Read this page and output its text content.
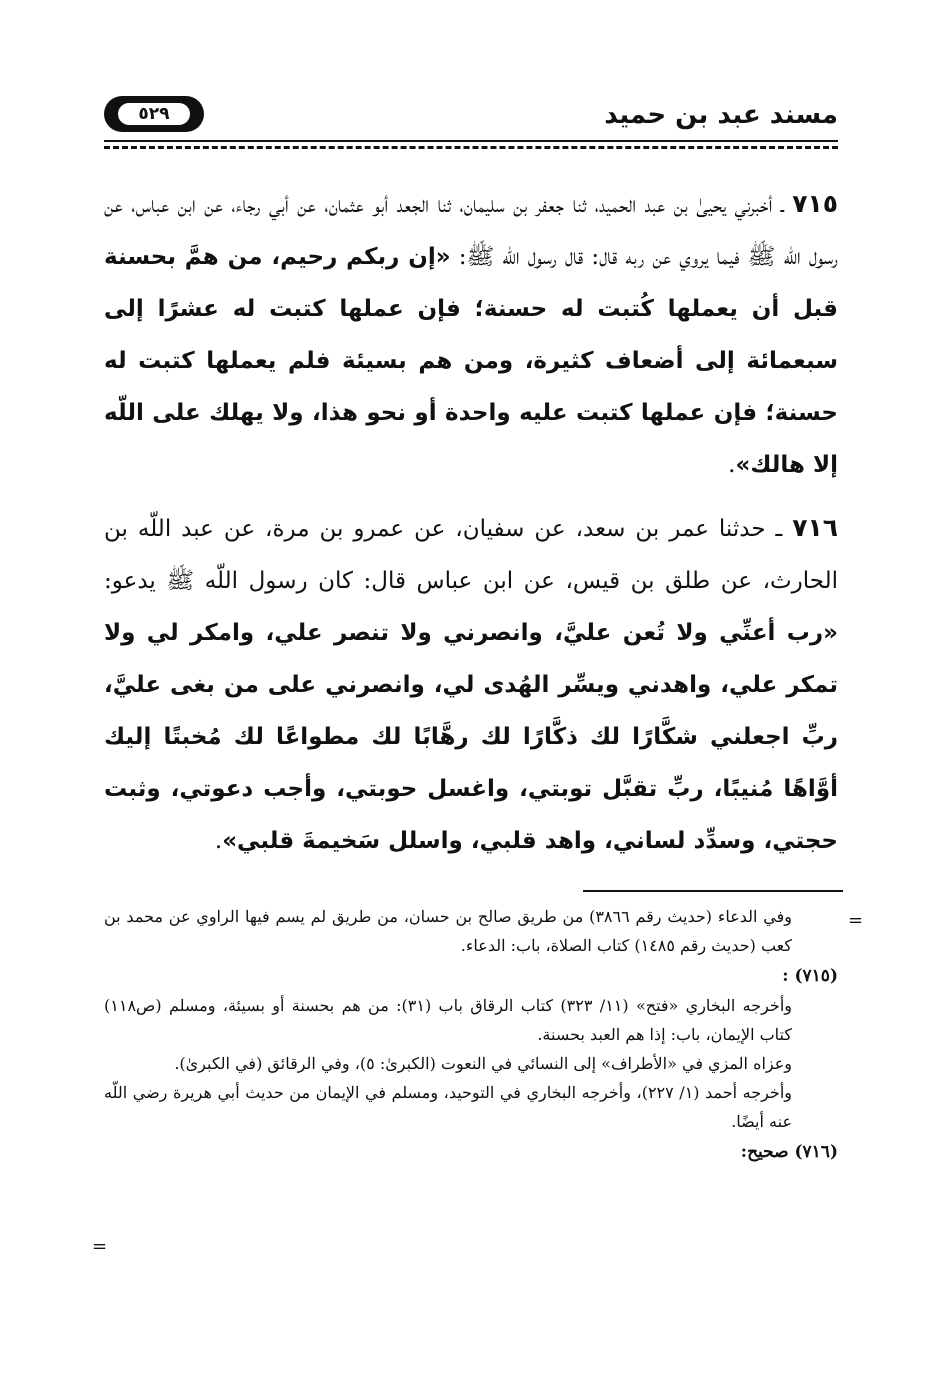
مسند عبد بن حميد
٥٢٩
٧١٥ ـ أخبرني يحيىٰ بن عبد الحميد، ثنا جعفر بن سليمان، ثنا الجعد أبو عثمان، عن أبي رجاء، عن ابن عباس، عن رسول اللّه ﷺ فيما يروي عن ربه قال: قال رسول اللّه ﷺ: «إن ربكم رحيم، من همَّ بحسنة قبل أن يعملها كُتبت له حسنة؛ فإن عملها كتبت له عشرًا إلى سبعمائة إلى أضعاف كثيرة، ومن هم بسيئة فلم يعملها كتبت له حسنة؛ فإن عملها كتبت عليه واحدة أو نحو هذا، ولا يهلك على اللّه إلا هالك».
٧١٦ ـ حدثنا عمر بن سعد، عن سفيان، عن عمرو بن مرة، عن عبد اللّه بن الحارث، عن طلق بن قيس، عن ابن عباس قال: كان رسول اللّه ﷺ يدعو: «رب أعنِّي ولا تُعن عليَّ، وانصرني ولا تنصر علي، وامكر لي ولا تمكر علي، واهدني ويسِّر الهُدى لي، وانصرني على من بغى عليَّ، ربِّ اجعلني شكَّارًا لك ذكَّارًا لك رهَّابًا لك مطواعًا لك مُخبتًا إليك أوَّاهًا مُنيبًا، ربِّ تقبَّل توبتي، واغسل حوبتي، وأجب دعوتي، وثبت حجتي، وسدِّد لساني، واهد قلبي، واسلل سَخيمةَ قلبي».
=
وفي الدعاء (حديث رقم ٣٨٦٦) من طريق صالح بن حسان، من طريق لم يسم فيها الراوي عن محمد بن كعب (حديث رقم ١٤٨٥) كتاب الصلاة، باب: الدعاء.
(٧١٥) :
وأخرجه البخاري «فتح» (١١/ ٣٢٣) كتاب الرقاق باب (٣١): من هم بحسنة أو بسيئة، ومسلم (ص١١٨) كتاب الإيمان، باب: إذا هم العبد بحسنة.
وعزاه المزي في «الأطراف» إلى النسائي في النعوت (الكبرىٰ: ٥)، وفي الرقائق (في الكبرىٰ).
وأخرجه أحمد (١/ ٢٢٧)، وأخرجه البخاري في التوحيد، ومسلم في الإيمان من حديث أبي هريرة رضي اللّه عنه أيضًا.
(٧١٦) صحيح:
=
